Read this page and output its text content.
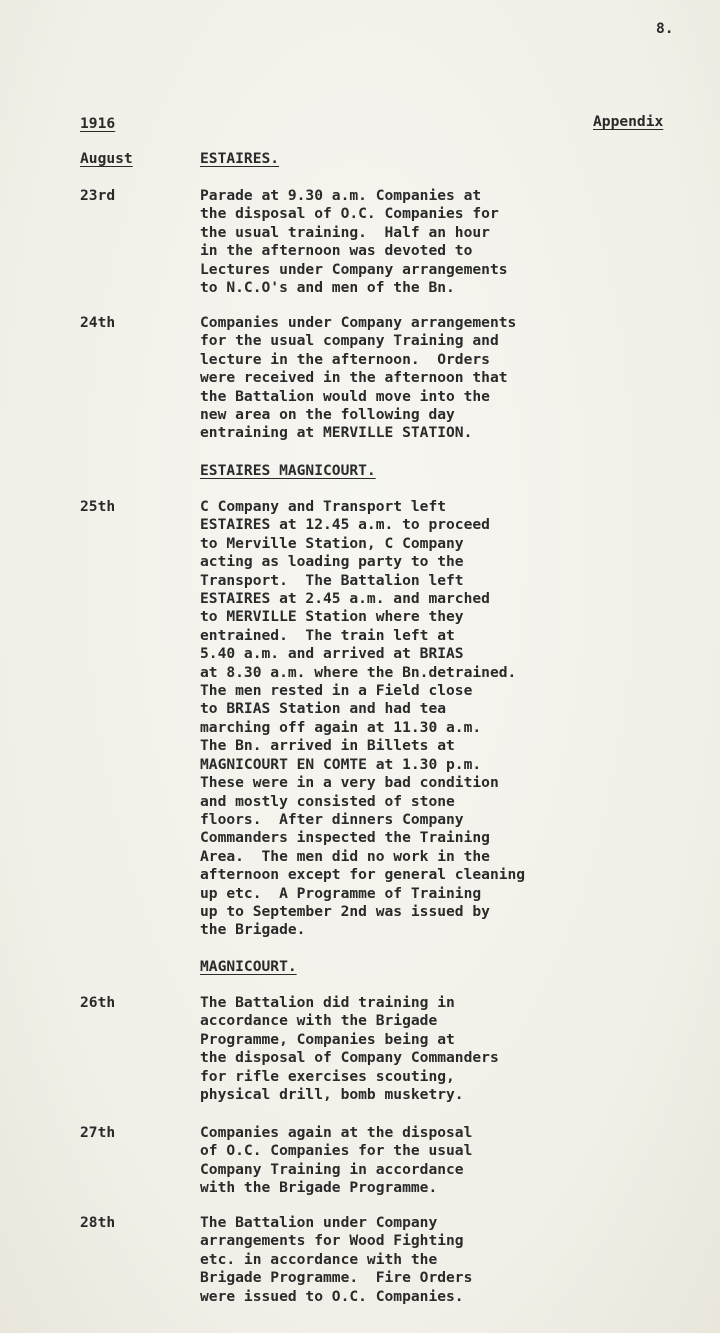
8.
1916	Appendix
August	ESTAIRES.
23rd	Parade at 9.30 a.m. Companies at
the disposal of O.C. Companies for
the usual training.  Half an hour
in the afternoon was devoted to
Lectures under Company arrangements
to N.C.O's and men of the Bn.
24th	Companies under Company arrangements
for the usual company Training and
lecture in the afternoon.  Orders
were received in the afternoon that
the Battalion would move into the
new area on the following day
entraining at MERVILLE STATION.
ESTAIRES MAGNICOURT.
25th	C Company and Transport left
ESTAIRES at 12.45 a.m. to proceed
to Merville Station, C Company
acting as loading party to the
Transport.  The Battalion left
ESTAIRES at 2.45 a.m. and marched
to MERVILLE Station where they
entrained.  The train left at
5.40 a.m. and arrived at BRIAS
at 8.30 a.m. where the Bn.detrained.
The men rested in a Field close
to BRIAS Station and had tea
marching off again at 11.30 a.m.
The Bn. arrived in Billets at
MAGNICOURT EN COMTE at 1.30 p.m.
These were in a very bad condition
and mostly consisted of stone
floors.  After dinners Company
Commanders inspected the Training
Area.  The men did no work in the
afternoon except for general cleaning
up etc.  A Programme of Training
up to September 2nd was issued by
the Brigade.
MAGNICOURT.
26th	The Battalion did training in
accordance with the Brigade
Programme, Companies being at
the disposal of Company Commanders
for rifle exercises scouting,
physical drill, bomb musketry.
27th	Companies again at the disposal
of O.C. Companies for the usual
Company Training in accordance
with the Brigade Programme.
28th	The Battalion under Company
arrangements for Wood Fighting
etc. in accordance with the
Brigade Programme.  Fire Orders
were issued to O.C. Companies.
